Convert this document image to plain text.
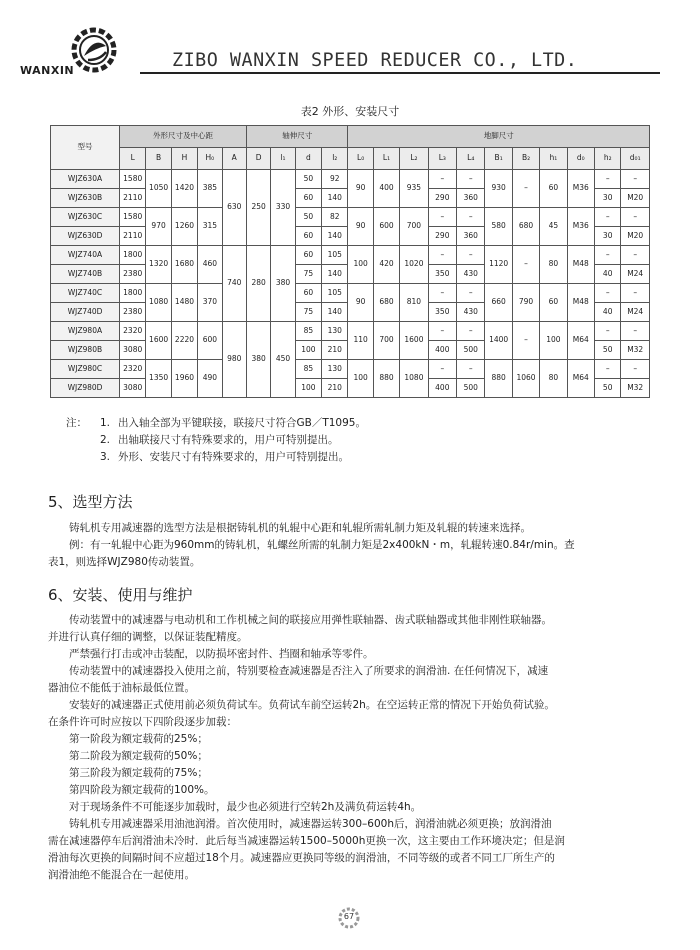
WANXIN	ZIBO WANXIN SPEED REDUCER CO., LTD.
表2 外形、安装尺寸
型号	外形尺寸及中心距					轴伸尺寸				地脚尺寸										
	L	B	H	H₀	A	D	l₁	d	l₂	L₀	L₁	L₂	L₃	L₄	B₁	B₂	h₁	d₀	h₂	d₀₁
WJZ630A	1580	1050	1420	385	630	250	330	50	92	90	400	935	–	–	930	–	60	M36	–	–
WJZ630B	2110							60	140				290	360					30	M20
WJZ630C	1580	970	1260	315				50	82	90	600	700	–	–	580	680	45	M36	–	–
WJZ630D	2110							60	140				290	360					30	M20
WJZ740A	1800	1320	1680	460	740	280	380	60	105	100	420	1020	–	–	1120	–	80	M48	–	–
WJZ740B	2380							75	140				350	430					40	M24
WJZ740C	1800	1080	1480	370				60	105	90	680	810	–	–	660	790	60	M48	–	–
WJZ740D	2380							75	140				350	430					40	M24
WJZ980A	2320	1600	2220	600	980	380	450	85	130	110	700	1600	–	–	1400	–	100	M64	–	–
WJZ980B	3080							100	210				400	500					50	M32
WJZ980C	2320	1350	1960	490				85	130	100	880	1080	–	–	880	1060	80	M64	–	–
WJZ980D	3080							100	210				400	500					50	M32
注： 1. 出入轴全部为平键联接，联接尺寸符合GB／T1095。
2. 出轴联接尺寸有特殊要求的，用户可特别提出。
3. 外形、安装尺寸有特殊要求的，用户可特别提出。
5、选型方法

铸轧机专用减速器的选型方法是根据铸轧机的轧辊中心距和轧辊所需轧制力矩及轧辊的转速来选择。

例：有一轧辊中心距为960mm的铸轧机，轧螺丝所需的轧制力矩是2x400kN・m，轧辊转速0.84r/min。查

表1，则选择WJZ980传动装置。

6、安装、使用与维护

传动装置中的减速器与电动机和工作机械之间的联接应用弹性联轴器、齿式联轴器或其他非刚性联轴器。

并进行认真仔细的调整，以保证装配精度。

严禁强行打击或冲击装配，以防损坏密封件、挡圈和轴承等零件。

传动装置中的减速器投入使用之前，特别要检查减速器是否注入了所要求的润滑油. 在任何情况下，减速

器油位不能低于油标最低位置。

安装好的减速器正式使用前必须负荷试车。负荷试车前空运转2h。在空运转正常的情况下开始负荷试验。

在条件许可时应按以下四阶段逐步加载：

第一阶段为额定载荷的25%；

第二阶段为额定载荷的50%；

第三阶段为额定载荷的75%；

第四阶段为额定载荷的100%。

对于现场条件不可能逐步加载时，最少也必须进行空转2h及满负荷运转4h。

铸轧机专用减速器采用油池润滑。首次使用时，减速器运转300–600h后，润滑油就必须更换；放润滑油

需在减速器停车后润滑油未冷时．此后每当减速器运转1500–5000h更换一次，这主要由工作环境决定；但是润

滑油每次更换的间隔时间不应超过18个月。减速器应更换同等级的润滑油，不同等级的或者不同工厂所生产的

润滑油绝不能混合在一起使用。

67
